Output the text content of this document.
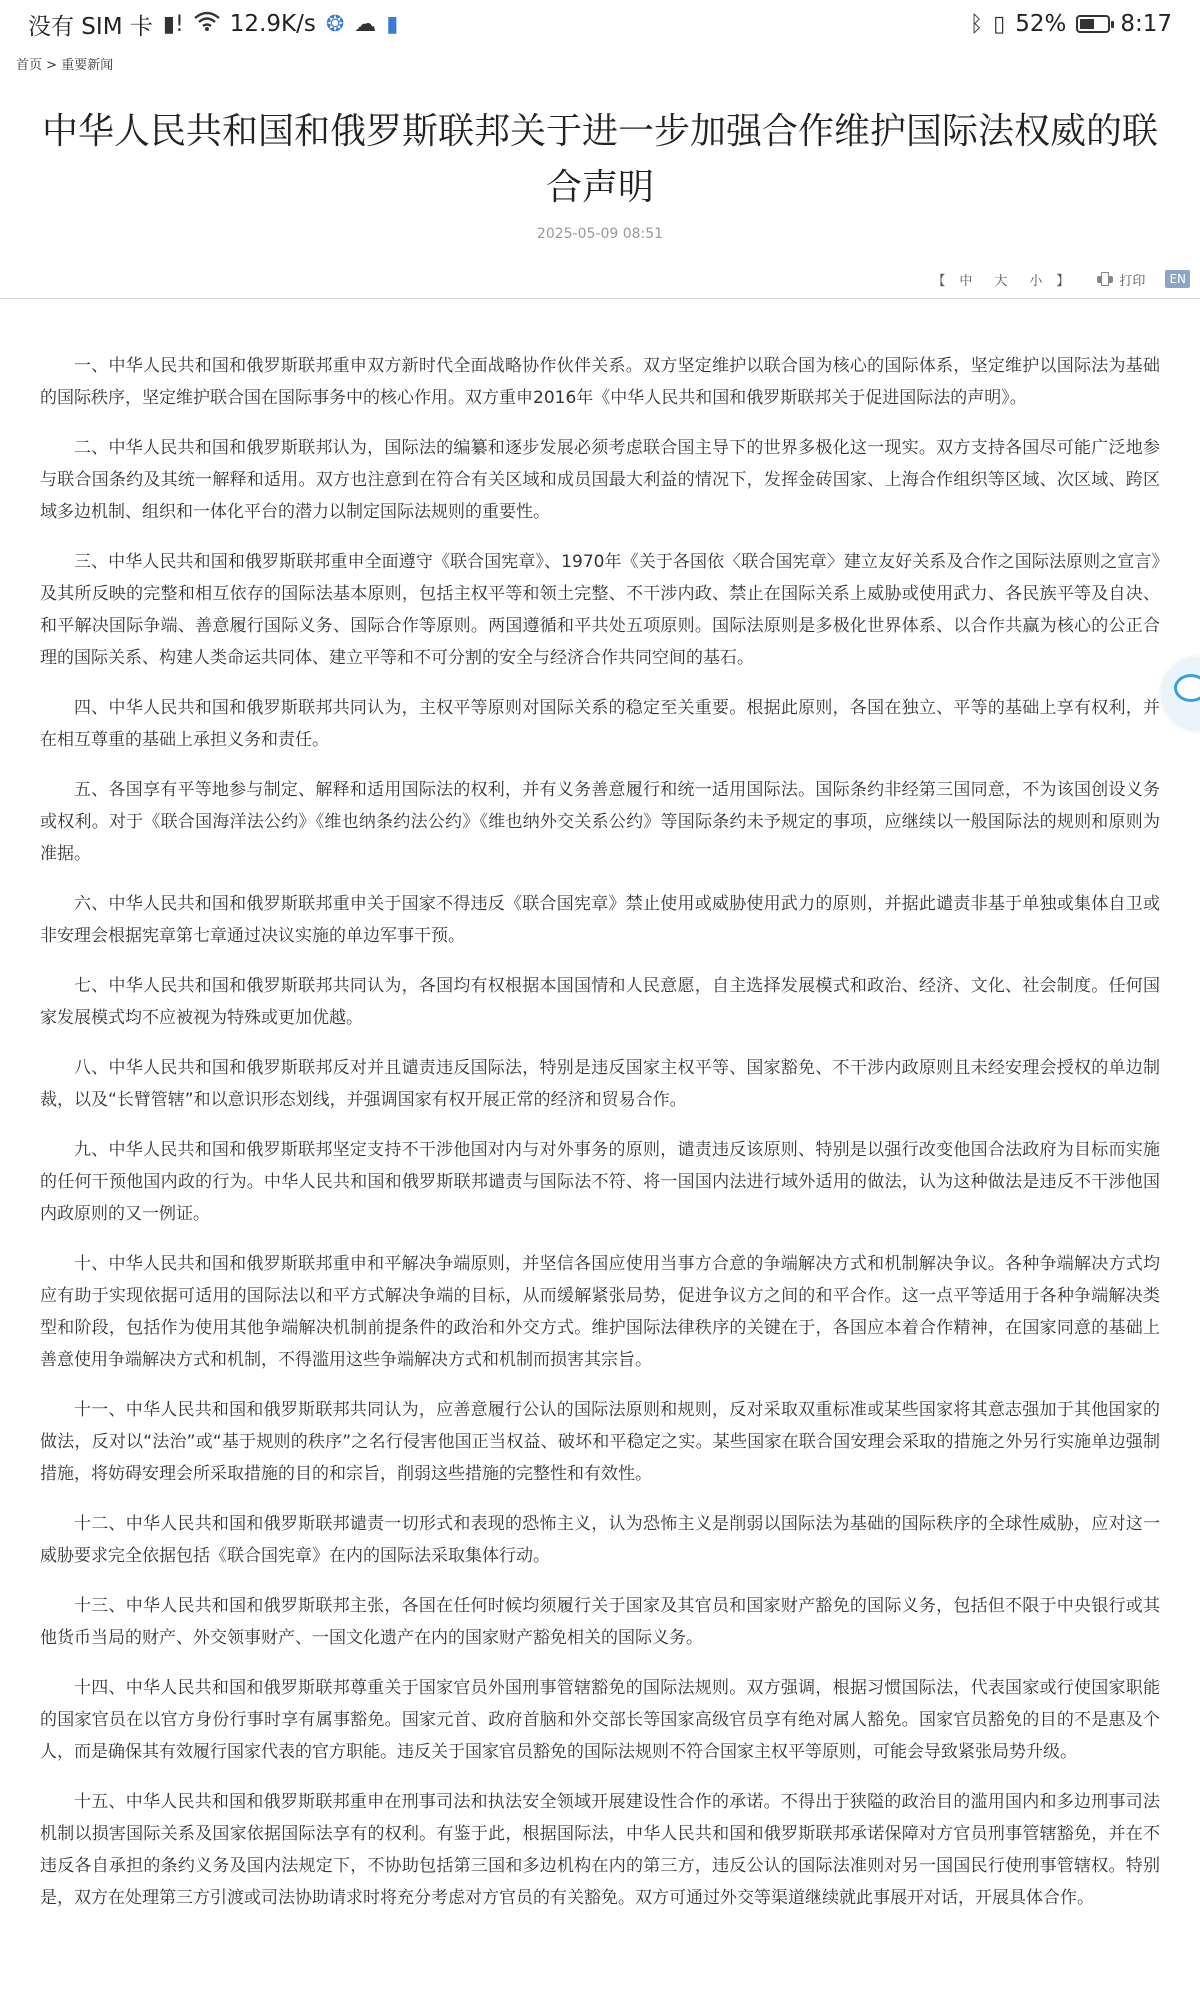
没有 SIM 卡 ▮! 12.9K/s ❂ ☁ ▮	ᛒ ▯ 52% 8:17
首页 > 重要新闻
中华人民共和国和俄罗斯联邦关于进一步加强合作维护国际法权威的联合声明
2025-05-09 08:51
【 中 大 小 】	打印	EN

一、中华人民共和国和俄罗斯联邦重申双方新时代全面战略协作伙伴关系。双方坚定维护以联合国为核心的国际体系，坚定维护以国际法为基础的国际秩序，坚定维护联合国在国际事务中的核心作用。双方重申2016年《中华人民共和国和俄罗斯联邦关于促进国际法的声明》。

二、中华人民共和国和俄罗斯联邦认为，国际法的编纂和逐步发展必须考虑联合国主导下的世界多极化这一现实。双方支持各国尽可能广泛地参与联合国条约及其统一解释和适用。双方也注意到在符合有关区域和成员国最大利益的情况下，发挥金砖国家、上海合作组织等区域、次区域、跨区域多边机制、组织和一体化平台的潜力以制定国际法规则的重要性。

三、中华人民共和国和俄罗斯联邦重申全面遵守《联合国宪章》、1970年《关于各国依〈联合国宪章〉建立友好关系及合作之国际法原则之宣言》及其所反映的完整和相互依存的国际法基本原则，包括主权平等和领土完整、不干涉内政、禁止在国际关系上威胁或使用武力、各民族平等及自决、和平解决国际争端、善意履行国际义务、国际合作等原则。两国遵循和平共处五项原则。国际法原则是多极化世界体系、以合作共赢为核心的公正合理的国际关系、构建人类命运共同体、建立平等和不可分割的安全与经济合作共同空间的基石。

四、中华人民共和国和俄罗斯联邦共同认为，主权平等原则对国际关系的稳定至关重要。根据此原则，各国在独立、平等的基础上享有权利，并在相互尊重的基础上承担义务和责任。

五、各国享有平等地参与制定、解释和适用国际法的权利，并有义务善意履行和统一适用国际法。国际条约非经第三国同意，不为该国创设义务或权利。对于《联合国海洋法公约》《维也纳条约法公约》《维也纳外交关系公约》等国际条约未予规定的事项，应继续以一般国际法的规则和原则为准据。

六、中华人民共和国和俄罗斯联邦重申关于国家不得违反《联合国宪章》禁止使用或威胁使用武力的原则，并据此谴责非基于单独或集体自卫或非安理会根据宪章第七章通过决议实施的单边军事干预。

七、中华人民共和国和俄罗斯联邦共同认为，各国均有权根据本国国情和人民意愿，自主选择发展模式和政治、经济、文化、社会制度。任何国家发展模式均不应被视为特殊或更加优越。

八、中华人民共和国和俄罗斯联邦反对并且谴责违反国际法，特别是违反国家主权平等、国家豁免、不干涉内政原则且未经安理会授权的单边制裁，以及“长臂管辖”和以意识形态划线，并强调国家有权开展正常的经济和贸易合作。

九、中华人民共和国和俄罗斯联邦坚定支持不干涉他国对内与对外事务的原则，谴责违反该原则、特别是以强行改变他国合法政府为目标而实施的任何干预他国内政的行为。中华人民共和国和俄罗斯联邦谴责与国际法不符、将一国国内法进行域外适用的做法，认为这种做法是违反不干涉他国内政原则的又一例证。

十、中华人民共和国和俄罗斯联邦重申和平解决争端原则，并坚信各国应使用当事方合意的争端解决方式和机制解决争议。各种争端解决方式均应有助于实现依据可适用的国际法以和平方式解决争端的目标，从而缓解紧张局势，促进争议方之间的和平合作。这一点平等适用于各种争端解决类型和阶段，包括作为使用其他争端解决机制前提条件的政治和外交方式。维护国际法律秩序的关键在于，各国应本着合作精神，在国家同意的基础上善意使用争端解决方式和机制，不得滥用这些争端解决方式和机制而损害其宗旨。

十一、中华人民共和国和俄罗斯联邦共同认为，应善意履行公认的国际法原则和规则，反对采取双重标准或某些国家将其意志强加于其他国家的做法，反对以“法治”或“基于规则的秩序”之名行侵害他国正当权益、破坏和平稳定之实。某些国家在联合国安理会采取的措施之外另行实施单边强制措施，将妨碍安理会所采取措施的目的和宗旨，削弱这些措施的完整性和有效性。

十二、中华人民共和国和俄罗斯联邦谴责一切形式和表现的恐怖主义，认为恐怖主义是削弱以国际法为基础的国际秩序的全球性威胁，应对这一威胁要求完全依据包括《联合国宪章》在内的国际法采取集体行动。

十三、中华人民共和国和俄罗斯联邦主张，各国在任何时候均须履行关于国家及其官员和国家财产豁免的国际义务，包括但不限于中央银行或其他货币当局的财产、外交领事财产、一国文化遗产在内的国家财产豁免相关的国际义务。

十四、中华人民共和国和俄罗斯联邦尊重关于国家官员外国刑事管辖豁免的国际法规则。双方强调，根据习惯国际法，代表国家或行使国家职能的国家官员在以官方身份行事时享有属事豁免。国家元首、政府首脑和外交部长等国家高级官员享有绝对属人豁免。国家官员豁免的目的不是惠及个人，而是确保其有效履行国家代表的官方职能。违反关于国家官员豁免的国际法规则不符合国家主权平等原则，可能会导致紧张局势升级。

十五、中华人民共和国和俄罗斯联邦重申在刑事司法和执法安全领域开展建设性合作的承诺。不得出于狭隘的政治目的滥用国内和多边刑事司法机制以损害国际关系及国家依据国际法享有的权利。有鉴于此，根据国际法，中华人民共和国和俄罗斯联邦承诺保障对方官员刑事管辖豁免，并在不违反各自承担的条约义务及国内法规定下，不协助包括第三国和多边机构在内的第三方，违反公认的国际法准则对另一国国民行使刑事管辖权。特别是，双方在处理第三方引渡或司法协助请求时将充分考虑对方官员的有关豁免。双方可通过外交等渠道继续就此事展开对话，开展具体合作。
